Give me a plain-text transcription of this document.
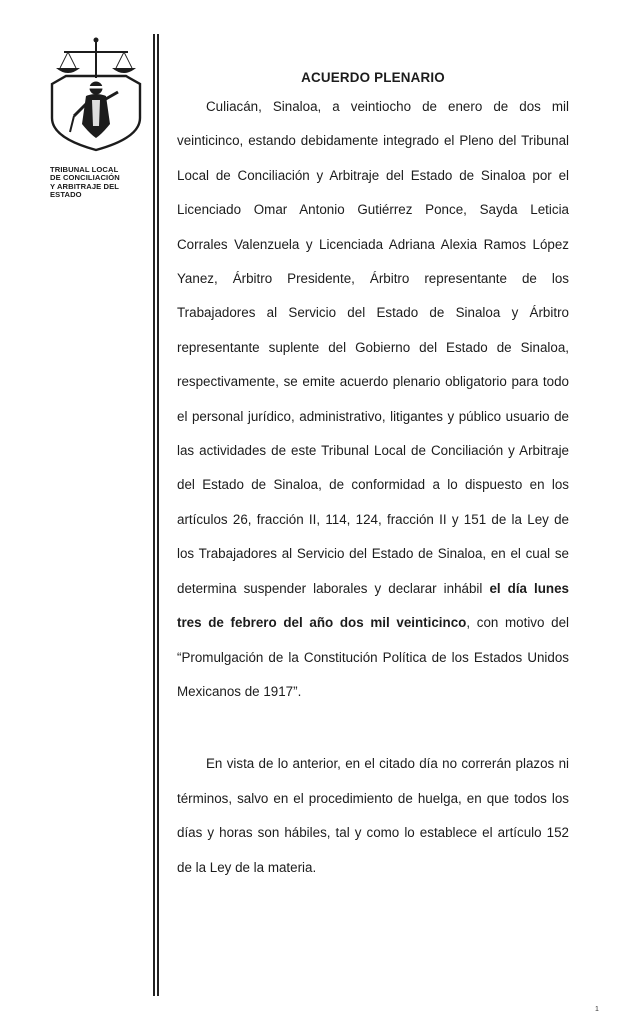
TRIBUNAL LOCAL
DE CONCILIACIÓN
Y ARBITRAJE DEL
ESTADO
ACUERDO PLENARIO

Culiacán, Sinaloa, a veintiocho de enero de dos mil veinticinco, estando debidamente integrado el Pleno del Tribunal Local de Conciliación y Arbitraje del Estado de Sinaloa por el Licenciado Omar Antonio Gutiérrez Ponce, Sayda Leticia Corrales Valenzuela y Licenciada Adriana Alexia Ramos López Yanez, Árbitro Presidente, Árbitro representante de los Trabajadores al Servicio del Estado de Sinaloa y Árbitro representante suplente del Gobierno del Estado de Sinaloa, respectivamente, se emite acuerdo plenario obligatorio para todo el personal jurídico, administrativo, litigantes y público usuario de las actividades de este Tribunal Local de Conciliación y Arbitraje del Estado de Sinaloa, de conformidad a lo dispuesto en los artículos 26, fracción II, 114, 124, fracción II y 151 de la Ley de los Trabajadores al Servicio del Estado de Sinaloa, en el cual se determina suspender laborales y declarar inhábil el día lunes tres de febrero del año dos mil veinticinco, con motivo del “Promulgación de la Constitución Política de los Estados Unidos Mexicanos de 1917”.

En vista de lo anterior, en el citado día no correrán plazos ni términos, salvo en el procedimiento de huelga, en que todos los días y horas son hábiles, tal y como lo establece el artículo 152 de la Ley de la materia.

1
